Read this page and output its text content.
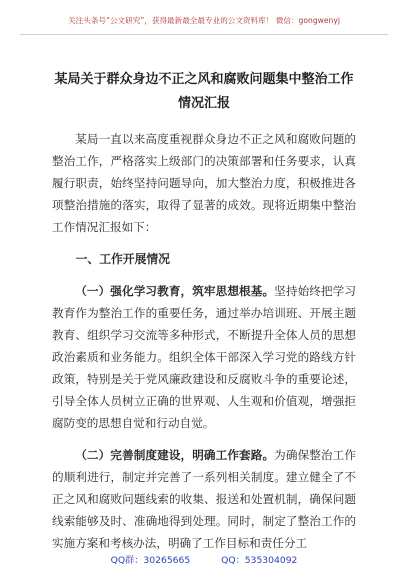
关注头条号“公文研究”，获得最新最全最专业的公文资料库！ 微信：gongwenyj
某局关于群众身边不正之风和腐败问题集中整治工作情况汇报

某局一直以来高度重视群众身边不正之风和腐败问题的整治工作，严格落实上级部门的决策部署和任务要求，认真履行职责，始终坚持问题导向，加大整治力度，积极推进各项整治措施的落实，取得了显著的成效。现将近期集中整治工作情况汇报如下：

一、工作开展情况

（一）强化学习教育，筑牢思想根基。坚持始终把学习教育作为整治工作的重要任务，通过举办培训班、开展主题教育、组织学习交流等多种形式，不断提升全体人员的思想政治素质和业务能力。组织全体干部深入学习党的路线方针政策，特别是关于党风廉政建设和反腐败斗争的重要论述，引导全体人员树立正确的世界观、人生观和价值观，增强拒腐防变的思想自觉和行动自觉。

（二）完善制度建设，明确工作套路。为确保整治工作的顺利进行，制定并完善了一系列相关制度。建立健全了不正之风和腐败问题线索的收集、报送和处置机制，确保问题线索能够及时、准确地得到处理。同时，制定了整治工作的实施方案和考核办法，明确了工作目标和责任分工

QQ群：30265665	QQ：535304092
